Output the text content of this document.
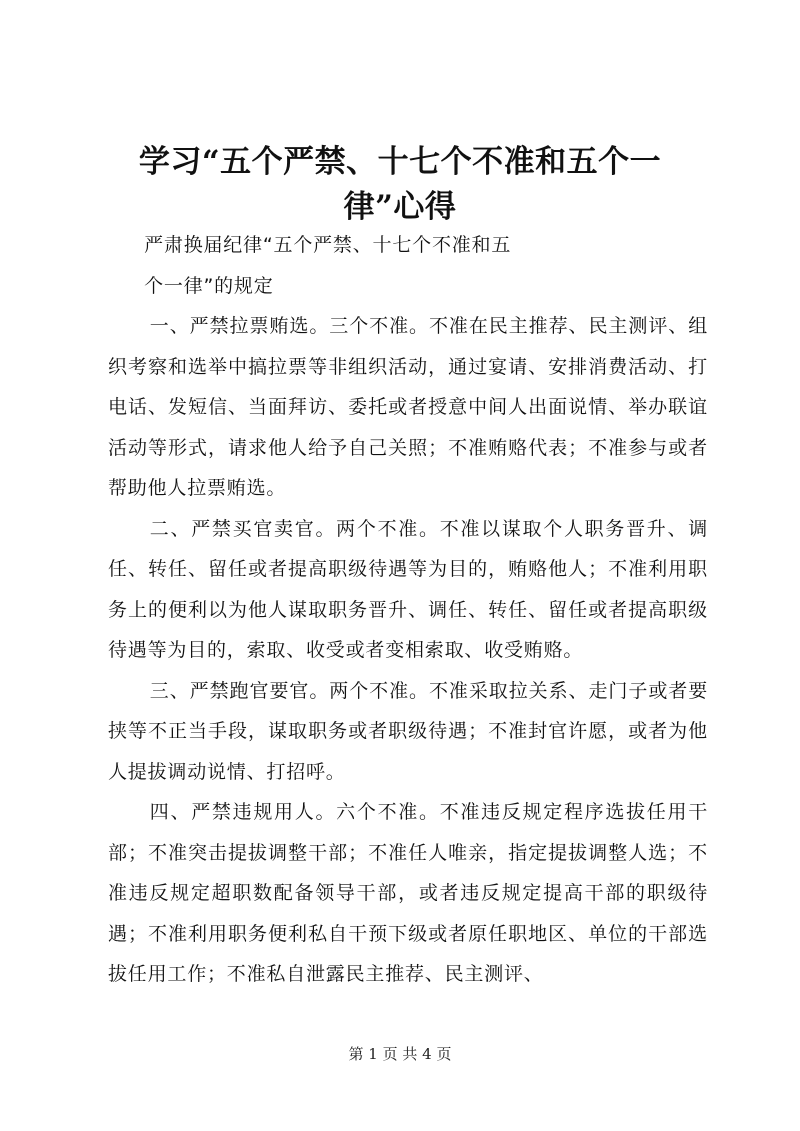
学习“五个严禁、十七个不准和五个一律”心得

严肃换届纪律“五个严禁、十七个不准和五

个一律”的规定

一、严禁拉票贿选。三个不准。不准在民主推荐、民主测评、组织考察和选举中搞拉票等非组织活动，通过宴请、安排消费活动、打电话、发短信、当面拜访、委托或者授意中间人出面说情、举办联谊活动等形式，请求他人给予自己关照；不准贿赂代表；不准参与或者帮助他人拉票贿选。

二、严禁买官卖官。两个不准。不准以谋取个人职务晋升、调任、转任、留任或者提高职级待遇等为目的，贿赂他人；不准利用职务上的便利以为他人谋取职务晋升、调任、转任、留任或者提高职级待遇等为目的，索取、收受或者变相索取、收受贿赂。

三、严禁跑官要官。两个不准。不准采取拉关系、走门子或者要挟等不正当手段，谋取职务或者职级待遇；不准封官许愿，或者为他人提拔调动说情、打招呼。

四、严禁违规用人。六个不准。不准违反规定程序选拔任用干部；不准突击提拔调整干部；不准任人唯亲，指定提拔调整人选；不准违反规定超职数配备领导干部，或者违反规定提高干部的职级待遇；不准利用职务便利私自干预下级或者原任职地区、单位的干部选拔任用工作；不准私自泄露民主推荐、民主测评、

第 1 页 共 4 页
